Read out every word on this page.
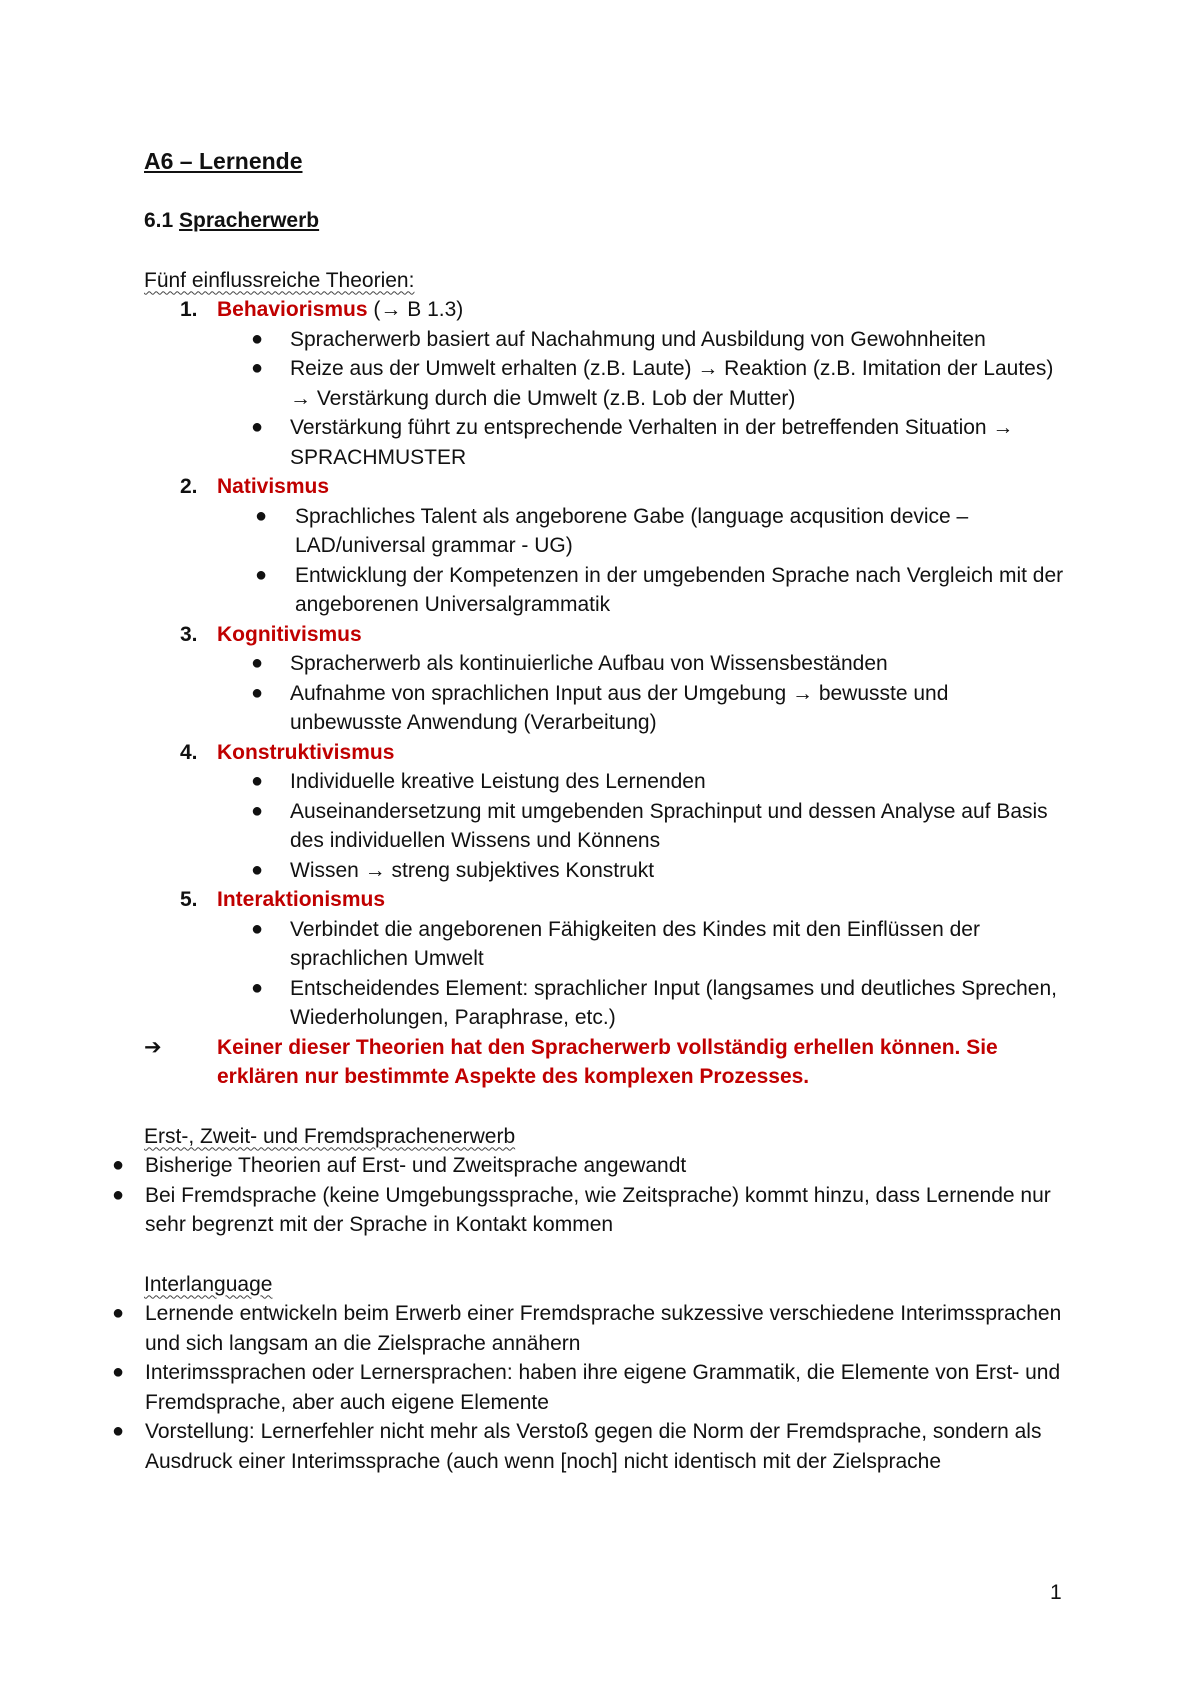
A6 – Lernende
6.1 Spracherwerb
Fünf einflussreiche Theorien:
1. Behaviorismus (→ B 1.3)
● Spracherwerb basiert auf Nachahmung und Ausbildung von Gewohnheiten
● Reize aus der Umwelt erhalten (z.B. Laute) → Reaktion (z.B. Imitation der Lautes) → Verstärkung durch die Umwelt (z.B. Lob der Mutter)
● Verstärkung führt zu entsprechende Verhalten in der betreffenden Situation → SPRACHMUSTER
2. Nativismus
● Sprachliches Talent als angeborene Gabe (language acqusition device – LAD/universal grammar - UG)
● Entwicklung der Kompetenzen in der umgebenden Sprache nach Vergleich mit der angeborenen Universalgrammatik
3. Kognitivismus
● Spracherwerb als kontinuierliche Aufbau von Wissensbeständen
● Aufnahme von sprachlichen Input aus der Umgebung → bewusste und unbewusste Anwendung (Verarbeitung)
4. Konstruktivismus
● Individuelle kreative Leistung des Lernenden
● Auseinandersetzung mit umgebenden Sprachinput und dessen Analyse auf Basis des individuellen Wissens und Könnens
● Wissen → streng subjektives Konstrukt
5. Interaktionismus
● Verbindet die angeborenen Fähigkeiten des Kindes mit den Einflüssen der sprachlichen Umwelt
● Entscheidendes Element: sprachlicher Input (langsames und deutliches Sprechen, Wiederholungen, Paraphrase, etc.)
➔	Keiner dieser Theorien hat den Spracherwerb vollständig erhellen können. Sie erklären nur bestimmte Aspekte des komplexen Prozesses.
Erst-, Zweit- und Fremdsprachenerwerb
● Bisherige Theorien auf Erst- und Zweitsprache angewandt
● Bei Fremdsprache (keine Umgebungssprache, wie Zeitsprache) kommt hinzu, dass Lernende nur sehr begrenzt mit der Sprache in Kontakt kommen
Interlanguage
● Lernende entwickeln beim Erwerb einer Fremdsprache sukzessive verschiedene Interimssprachen und sich langsam an die Zielsprache annähern
● Interimssprachen oder Lernersprachen: haben ihre eigene Grammatik, die Elemente von Erst- und Fremdsprache, aber auch eigene Elemente
● Vorstellung: Lernerfehler nicht mehr als Verstoß gegen die Norm der Fremdsprache, sondern als Ausdruck einer Interimssprache (auch wenn [noch] nicht identisch mit der Zielsprache
1
